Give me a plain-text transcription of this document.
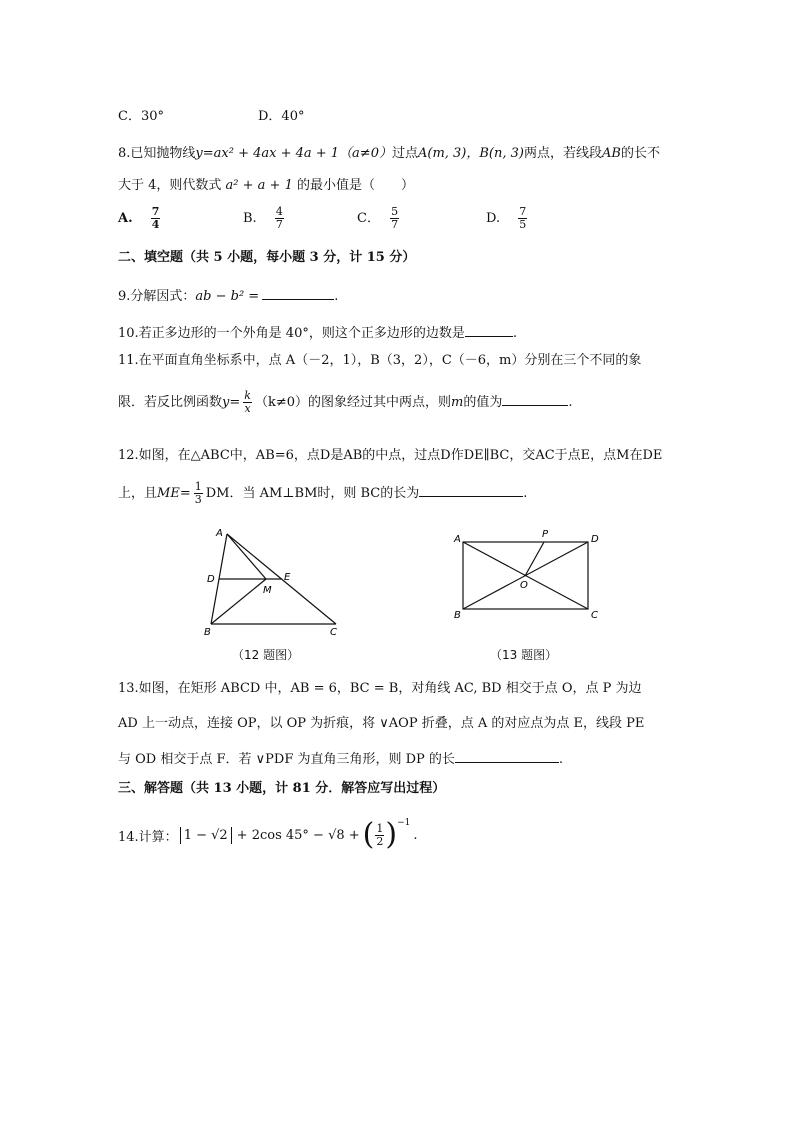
C．30°	D．40°
8.已知抛物线y=ax² + 4ax + 4a + 1（a≠0）过点A(m, 3)，B(n, 3)两点，若线段AB的长不
大于 4，则代数式 a² + a + 1 的最小值是（　　）
A. $\frac{7}{4}$	B. $\frac{4}{7}$	C． $\frac{5}{7}$	D. $\frac{7}{5}$
二、填空题（共 5 小题，每小题 3 分，计 15 分）
9.分解因式：ab − b² =	.
10.若正多边形的一个外角是 40°，则这个正多边形的边数是	.
11.在平面直角坐标系中，点 A（－2，1），B（3，2），C（－6，m）分别在三个不同的象
限．若反比例函数$y= \frac{k}{x} (k\ne 0)$的图象经过其中两点，则m的值为	.
12.如图，在△ABC中，AB=6，点D是AB的中点，过点D作DE∥BC，交AC于点E，点M在DE
上，且$ME= \frac{1}{3}$ DM．当 AM⊥BM时，则 BC的长为	.
A
D	E
M
B	C
（12 题图）
A	P	D
O
B	C
（13 题图）
13.如图，在矩形 ABCD 中，AB = 6，BC = B，对角线 AC, BD 相交于点 O，点 P 为边
AD 上一动点，连接 OP，以 OP 为折痕，将 ∨AOP 折叠，点 A 的对应点为点 E，线段 PE
与 OD 相交于点 F．若 ∨PDF 为直角三角形，则 DP 的长	.
三、解答题（共 13 小题，计 81 分．解答应写出过程）
14.计算： 1 − √2 + 2cos 45° − √8 + ( $\frac{1}{2}$ ) −1
.
